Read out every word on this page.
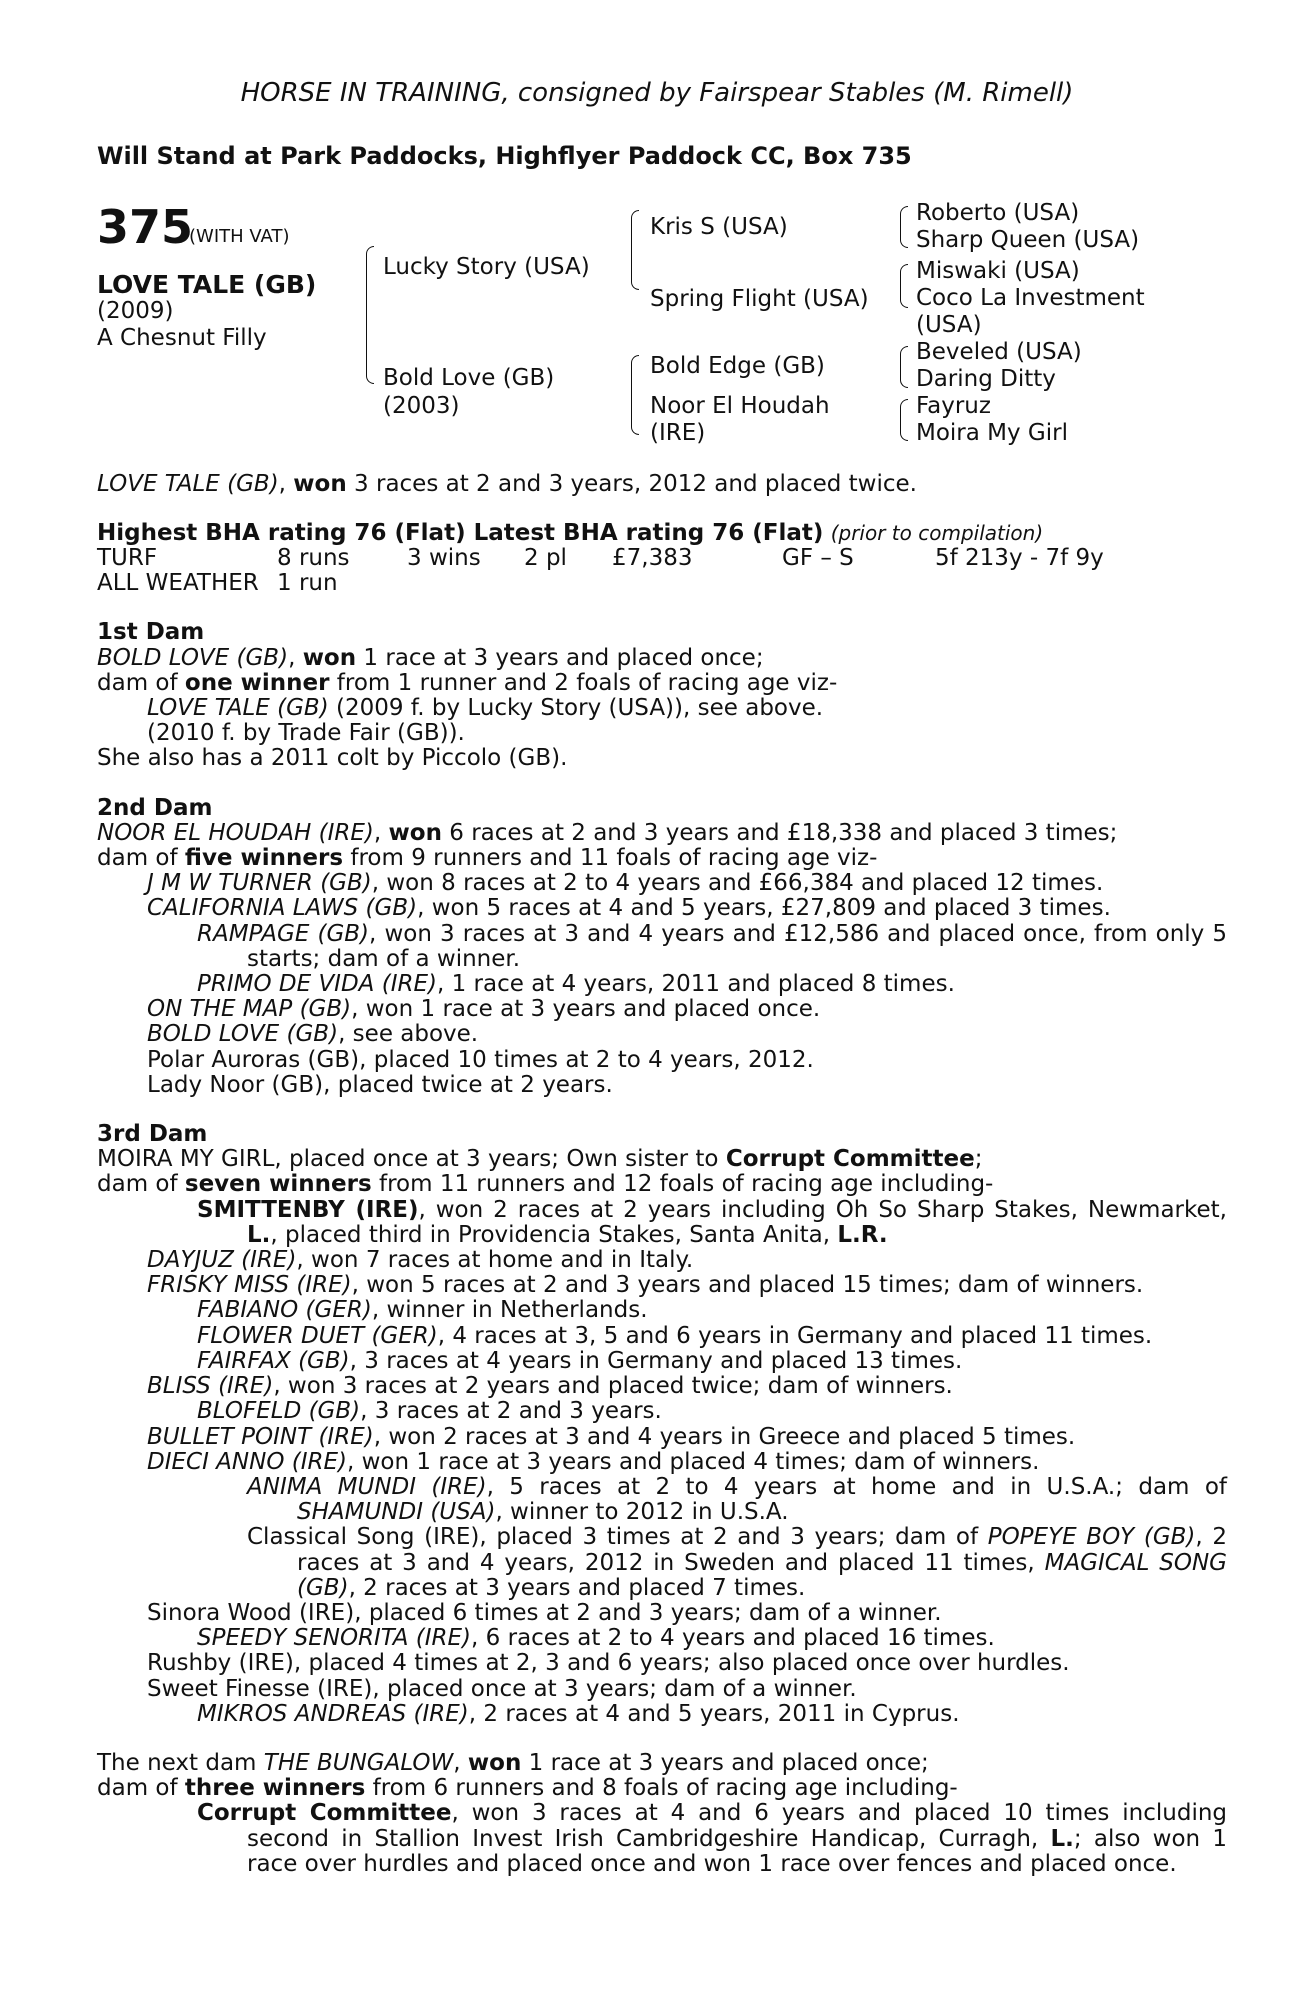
HORSE IN TRAINING, consigned by Fairspear Stables (M. Rimell)
Will Stand at Park Paddocks, Highflyer Paddock CC, Box 735
375
(WITH VAT)
LOVE TALE (GB)
(2009)
A Chesnut Filly
Lucky Story (USA)
Bold Love (GB)
(2003)
Kris S (USA)
Spring Flight (USA)
Bold Edge (GB)
Noor El Houdah
(IRE)
Roberto (USA)
Sharp Queen (USA)
Miswaki (USA)
Coco La Investment
(USA)
Beveled (USA)
Daring Ditty
Fayruz
Moira My Girl

LOVE TALE (GB), won 3 races at 2 and 3 years, 2012 and placed twice.

Highest BHA rating 76 (Flat) Latest BHA rating 76 (Flat) (prior to compilation)

TURF	8 runs 3 wins 2 pl £7,383	GF – S	5f 213y - 7f 9y
ALL WEATHER 1 run

1st Dam

BOLD LOVE (GB), won 1 race at 3 years and placed once;

dam of one winner from 1 runner and 2 foals of racing age viz-

LOVE TALE (GB) (2009 f. by Lucky Story (USA)), see above.

(2010 f. by Trade Fair (GB)).

She also has a 2011 colt by Piccolo (GB).

2nd Dam

NOOR EL HOUDAH (IRE), won 6 races at 2 and 3 years and £18,338 and placed 3 times;

dam of five winners from 9 runners and 11 foals of racing age viz-

J M W TURNER (GB), won 8 races at 2 to 4 years and £66,384 and placed 12 times.

CALIFORNIA LAWS (GB), won 5 races at 4 and 5 years, £27,809 and placed 3 times.

RAMPAGE (GB), won 3 races at 3 and 4 years and £12,586 and placed once, from only 5 starts; dam of a winner.

PRIMO DE VIDA (IRE), 1 race at 4 years, 2011 and placed 8 times.

ON THE MAP (GB), won 1 race at 3 years and placed once.

BOLD LOVE (GB), see above.

Polar Auroras (GB), placed 10 times at 2 to 4 years, 2012.

Lady Noor (GB), placed twice at 2 years.

3rd Dam

MOIRA MY GIRL, placed once at 3 years; Own sister to Corrupt Committee;

dam of seven winners from 11 runners and 12 foals of racing age including-

SMITTENBY (IRE), won 2 races at 2 years including Oh So Sharp Stakes, Newmarket, L., placed third in Providencia Stakes, Santa Anita, L.R.

DAYJUZ (IRE), won 7 races at home and in Italy.

FRISKY MISS (IRE), won 5 races at 2 and 3 years and placed 15 times; dam of winners.

FABIANO (GER), winner in Netherlands.

FLOWER DUET (GER), 4 races at 3, 5 and 6 years in Germany and placed 11 times.

FAIRFAX (GB), 3 races at 4 years in Germany and placed 13 times.

BLISS (IRE), won 3 races at 2 years and placed twice; dam of winners.

BLOFELD (GB), 3 races at 2 and 3 years.

BULLET POINT (IRE), won 2 races at 3 and 4 years in Greece and placed 5 times.

DIECI ANNO (IRE), won 1 race at 3 years and placed 4 times; dam of winners.

ANIMA MUNDI (IRE), 5 races at 2 to 4 years at home and in U.S.A.; dam of SHAMUNDI (USA), winner to 2012 in U.S.A.

Classical Song (IRE), placed 3 times at 2 and 3 years; dam of POPEYE BOY (GB), 2 races at 3 and 4 years, 2012 in Sweden and placed 11 times, MAGICAL SONG (GB), 2 races at 3 years and placed 7 times.

Sinora Wood (IRE), placed 6 times at 2 and 3 years; dam of a winner.

SPEEDY SENORITA (IRE), 6 races at 2 to 4 years and placed 16 times.

Rushby (IRE), placed 4 times at 2, 3 and 6 years; also placed once over hurdles.

Sweet Finesse (IRE), placed once at 3 years; dam of a winner.

MIKROS ANDREAS (IRE), 2 races at 4 and 5 years, 2011 in Cyprus.

The next dam THE BUNGALOW, won 1 race at 3 years and placed once;

dam of three winners from 6 runners and 8 foals of racing age including-

Corrupt Committee, won 3 races at 4 and 6 years and placed 10 times including second in Stallion Invest Irish Cambridgeshire Handicap, Curragh, L.; also won 1 race over hurdles and placed once and won 1 race over fences and placed once.
